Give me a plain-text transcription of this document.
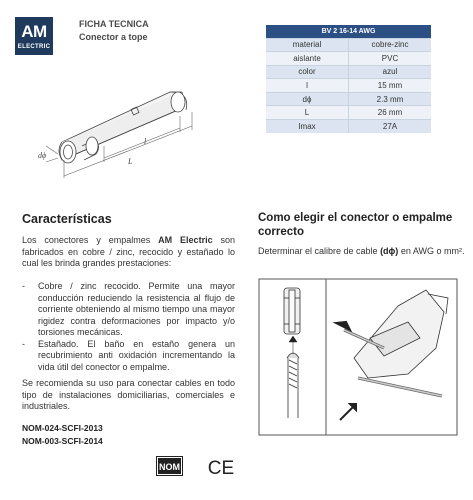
AM
ELECTRIC
FICHA TECNICA
Conector a tope
BV 2 16-14 AWG	
material	cobre-zinc
aislante	PVC
color	azul
l	15 mm
dϕ	2.3 mm
L	26 mm
Imax	27A
dϕ
l
L
Características
Los conectores y empalmes AM Electric son fabricados en cobre / zinc, recocido y estañado lo cual les brinda grandes prestaciones:
-	Cobre / zinc recocido. Permite una mayor conducción reduciendo la resistencia al flujo de corriente obteniendo al mismo tiempo una mayor rigidez contra deformaciones por impacto y/o torsiones mecánicas.
-	Estañado. El baño en estaño genera un recubrimiento anti oxidación incrementando la vida útil del conector o empalme.
Se recomienda su uso para conectar cables en todo tipo de instalaciones domiciliarias, comerciales e industriales.
NOM-024-SCFI-2013
NOM-003-SCFI-2014
Como elegir el conector o empalme correcto
Determinar el calibre de cable (dϕ) en AWG o mm².
NOM CE
